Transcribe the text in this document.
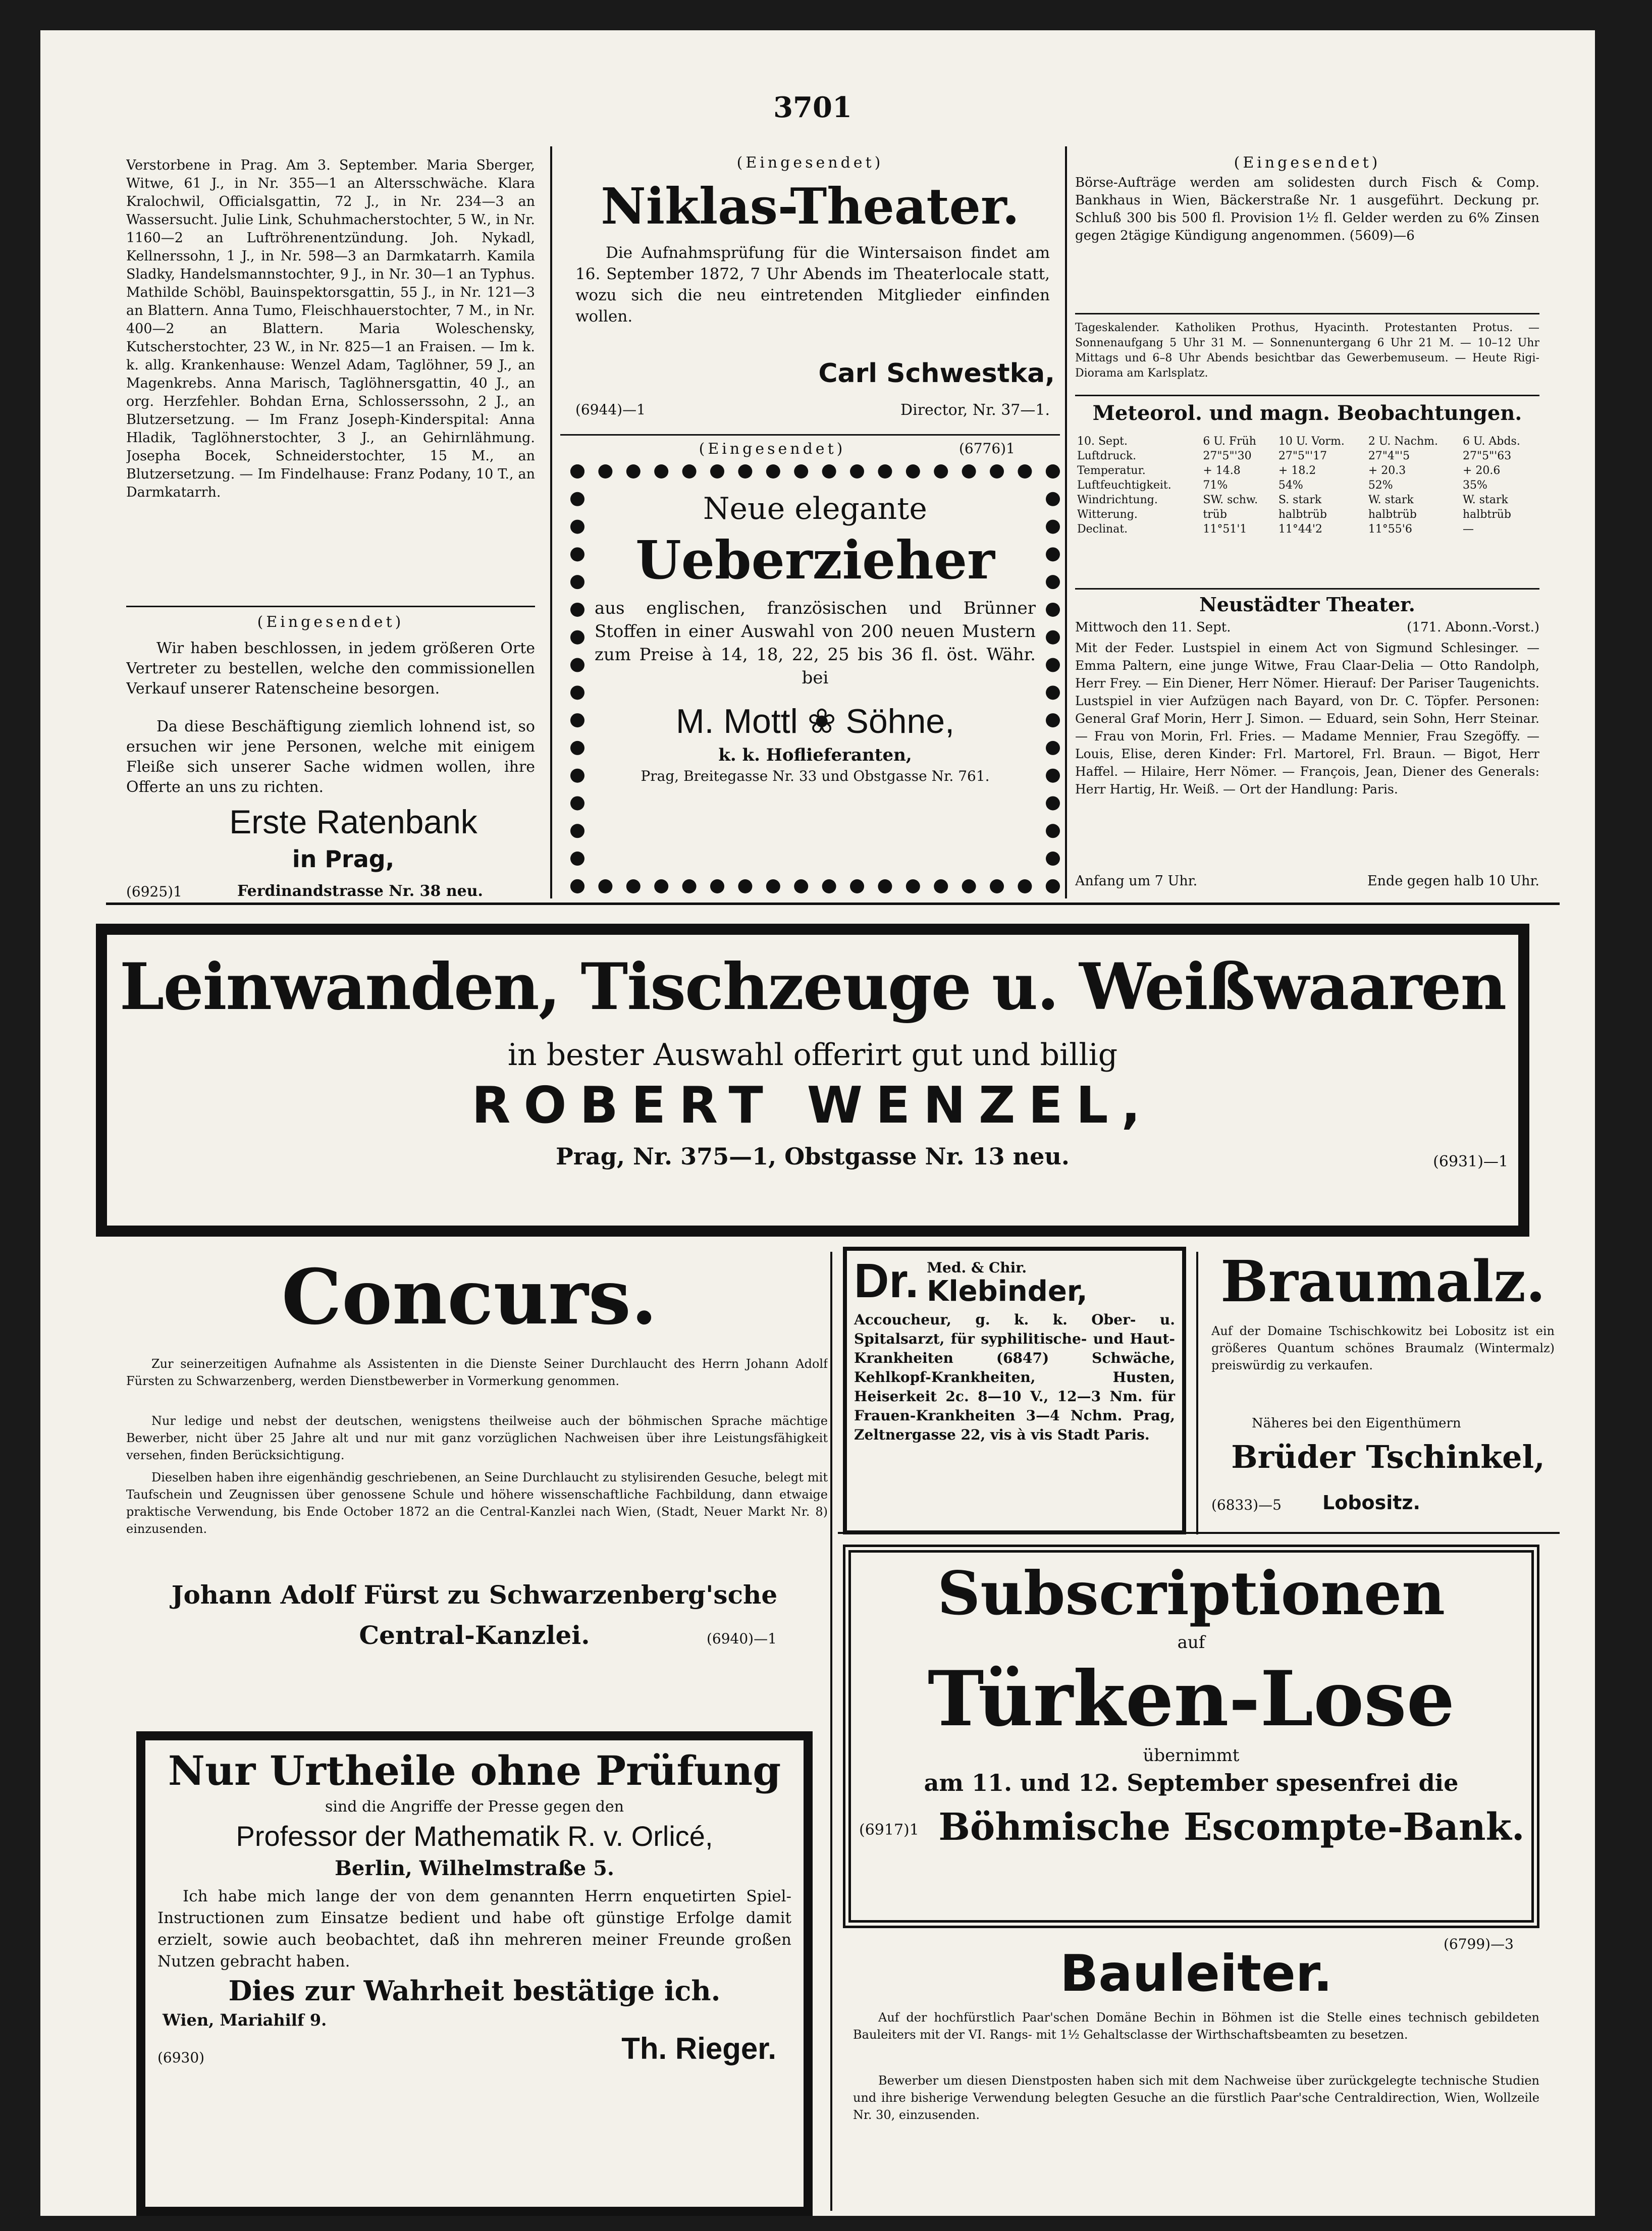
3701
Verstorbene in Prag. Am 3. September. Maria Sberger, Witwe, 61 J., in Nr. 355—1 an Altersschwäche. Klara Kralochwil, Officialsgattin, 72 J., in Nr. 234—3 an Wassersucht. Julie Link, Schuhmacherstochter, 5 W., in Nr. 1160—2 an Luftröhrenentzündung. Joh. Nykadl, Kellnerssohn, 1 J., in Nr. 598—3 an Darmkatarrh. Kamila Sladky, Handelsmannstochter, 9 J., in Nr. 30—1 an Typhus. Mathilde Schöbl, Bauinspektorsgattin, 55 J., in Nr. 121—3 an Blattern. Anna Tumo, Fleischhauerstochter, 7 M., in Nr. 400—2 an Blattern. Maria Woleschensky, Kutscherstochter, 23 W., in Nr. 825—1 an Fraisen. — Im k. k. allg. Krankenhause: Wenzel Adam, Taglöhner, 59 J., an Magenkrebs. Anna Marisch, Taglöhnersgattin, 40 J., an org. Herzfehler. Bohdan Erna, Schlosserssohn, 2 J., an Blutzersetzung. — Im Franz Joseph-Kinderspital: Anna Hladik, Taglöhnerstochter, 3 J., an Gehirnlähmung. Josepha Bocek, Schneiderstochter, 15 M., an Blutzersetzung. — Im Findelhause: Franz Podany, 10 T., an Darmkatarrh.
(Eingesendet)
Wir haben beschlossen, in jedem größeren Orte Vertreter zu bestellen, welche den commissionellen Verkauf unserer Ratenscheine besorgen.
Da diese Beschäftigung ziemlich lohnend ist, so ersuchen wir jene Personen, welche mit einigem Fleiße sich unserer Sache widmen wollen, ihre Offerte an uns zu richten.
Erste Ratenbank
in Prag,
(6925)1	Ferdinandstrasse Nr. 38 neu.
(Eingesendet)
Niklas-Theater.
Die Aufnahmsprüfung für die Wintersaison findet am 16. September 1872, 7 Uhr Abends im Theaterlocale statt, wozu sich die neu eintretenden Mitglieder einfinden wollen.
Carl Schwestka,
(6944)—1	Director, Nr. 37—1.
(Eingesendet)	(6776)1
Neue elegante
Ueberzieher
aus englischen, französischen und Brünner Stoffen in einer Auswahl von 200 neuen Mustern zum Preise à 14, 18, 22, 25 bis 36 fl. öst. Währ. bei
M. Mottl ❀ Söhne,
k. k. Hoflieferanten,
Prag, Breitegasse Nr. 33 und Obstgasse Nr. 761.
(Eingesendet)
Börse-Aufträge werden am solidesten durch Fisch & Comp. Bankhaus in Wien, Bäckerstraße Nr. 1 ausgeführt. Deckung pr. Schluß 300 bis 500 fl. Provision 1½ fl. Gelder werden zu 6% Zinsen gegen 2tägige Kündigung angenommen. (5609)—6
Tageskalender. Katholiken Prothus, Hyacinth. Protestanten Protus. — Sonnenaufgang 5 Uhr 31 M. — Sonnenuntergang 6 Uhr 21 M. — 10–12 Uhr Mittags und 6–8 Uhr Abends besichtbar das Gewerbemuseum. — Heute Rigi-Diorama am Karlsplatz.
Meteorol. und magn. Beobachtungen.
10. Sept.	6 U. Früh	10 U. Vorm.	2 U. Nachm.	6 U. Abds.
Luftdruck.	27"5"'30	27"5"'17	27"4"'5	27"5"'63
Temperatur.	+ 14.8	+ 18.2	+ 20.3	+ 20.6
Luftfeuchtigkeit.	71%	54%	52%	35%
Windrichtung.	SW. schw.	S. stark	W. stark	W. stark
Witterung.	trüb	halbtrüb	halbtrüb	halbtrüb
Declinat.	11°51'1	11°44'2	11°55'6	—
Neustädter Theater.
Mittwoch den 11. Sept.	(171. Abonn.-Vorst.)
Mit der Feder. Lustspiel in einem Act von Sigmund Schlesinger. — Emma Paltern, eine junge Witwe, Frau Claar-Delia — Otto Randolph, Herr Frey. — Ein Diener, Herr Nömer. Hierauf: Der Pariser Taugenichts. Lustspiel in vier Aufzügen nach Bayard, von Dr. C. Töpfer. Personen: General Graf Morin, Herr J. Simon. — Eduard, sein Sohn, Herr Steinar. — Frau von Morin, Frl. Fries. — Madame Mennier, Frau Szegöffy. — Louis, Elise, deren Kinder: Frl. Martorel, Frl. Braun. — Bigot, Herr Haffel. — Hilaire, Herr Nömer. — François, Jean, Diener des Generals: Herr Hartig, Hr. Weiß. — Ort der Handlung: Paris.
Anfang um 7 Uhr.	Ende gegen halb 10 Uhr.
Leinwanden, Tischzeuge u. Weißwaaren
in bester Auswahl offerirt gut und billig
ROBERT WENZEL,
Prag, Nr. 375—1, Obstgasse Nr. 13 neu.	(6931)—1
Concurs.
Zur seinerzeitigen Aufnahme als Assistenten in die Dienste Seiner Durchlaucht des Herrn Johann Adolf Fürsten zu Schwarzenberg, werden Dienstbewerber in Vormerkung genommen.
Nur ledige und nebst der deutschen, wenigstens theilweise auch der böhmischen Sprache mächtige Bewerber, nicht über 25 Jahre alt und nur mit ganz vorzüglichen Nachweisen über ihre Leistungsfähigkeit versehen, finden Berücksichtigung.
Dieselben haben ihre eigenhändig geschriebenen, an Seine Durchlaucht zu stylisirenden Gesuche, belegt mit Taufschein und Zeugnissen über genossene Schule und höhere wissenschaftliche Fachbildung, dann etwaige praktische Verwendung, bis Ende October 1872 an die Central-Kanzlei nach Wien, (Stadt, Neuer Markt Nr. 8) einzusenden.
Johann Adolf Fürst zu Schwarzenberg'sche
Central-Kanzlei.	(6940)—1
Dr. Med. & Chir.
Klebinder,
Accoucheur, g. k. k. Ober- u. Spitalsarzt, für syphilitische- und Haut-Krankheiten (6847) Schwäche, Kehlkopf-Krankheiten, Husten, Heiserkeit 2c. 8—10 V., 12—3 Nm. für Frauen-Krankheiten 3—4 Nchm. Prag, Zeltnergasse 22, vis à vis Stadt Paris.
Braumalz.
Auf der Domaine Tschischkowitz bei Lobositz ist ein größeres Quantum schönes Braumalz (Wintermalz) preiswürdig zu verkaufen.
Näheres bei den Eigenthümern
Brüder Tschinkel,
(6833)—5	Lobositz.
Subscriptionen
auf
Türken-Lose
übernimmt
am 11. und 12. September spesenfrei die
(6917)1 Böhmische Escompte-Bank.
Nur Urtheile ohne Prüfung
sind die Angriffe der Presse gegen den
Professor der Mathematik R. v. Orlicé,
Berlin, Wilhelmstraße 5.
Ich habe mich lange der von dem genannten Herrn enquetirten Spiel-Instructionen zum Einsatze bedient und habe oft günstige Erfolge damit erzielt, sowie auch beobachtet, daß ihn mehreren meiner Freunde großen Nutzen gebracht haben.
Dies zur Wahrheit bestätige ich.
Wien, Mariahilf 9.
(6930)	Th. Rieger.
(6799)—3
Bauleiter.
Auf der hochfürstlich Paar'schen Domäne Bechin in Böhmen ist die Stelle eines technisch gebildeten Bauleiters mit der VI. Rangs- mit 1½ Gehaltsclasse der Wirthschaftsbeamten zu besetzen.
Bewerber um diesen Dienstposten haben sich mit dem Nachweise über zurückgelegte technische Studien und ihre bisherige Verwendung belegten Gesuche an die fürstlich Paar'sche Centraldirection, Wien, Wollzeile Nr. 30, einzusenden.
